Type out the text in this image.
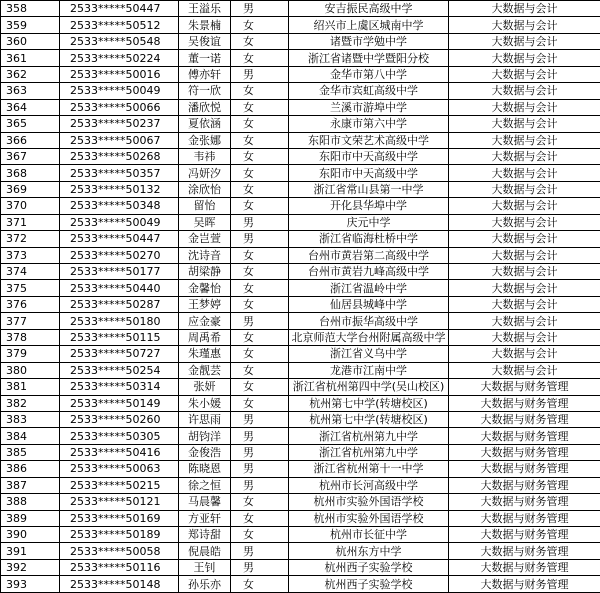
358	2533*****50447	王溢乐	男	安吉振民高级中学	大数据与会计
359	2533*****50512	朱景楠	女	绍兴市上虞区城南中学	大数据与会计
360	2533*****50548	吴俊谊	女	诸暨市学勉中学	大数据与会计
361	2533*****50224	董一诺	女	浙江省诸暨中学暨阳分校	大数据与会计
362	2533*****50016	傅亦轩	男	金华市第八中学	大数据与会计
363	2533*****50049	符一欣	女	金华市宾虹高级中学	大数据与会计
364	2533*****50066	潘欣悦	女	兰溪市游埠中学	大数据与会计
365	2533*****50237	夏依涵	女	永康市第六中学	大数据与会计
366	2533*****50067	金张娜	女	东阳市文荣艺术高级中学	大数据与会计
367	2533*****50268	韦祎	女	东阳市中天高级中学	大数据与会计
368	2533*****50357	冯妍汐	女	东阳市中天高级中学	大数据与会计
369	2533*****50132	涂欣怡	女	浙江省常山县第一中学	大数据与会计
370	2533*****50348	留怡	女	开化县华埠中学	大数据与会计
371	2533*****50049	吴晖	男	庆元中学	大数据与会计
372	2533*****50447	金岂萱	男	浙江省临海杜桥中学	大数据与会计
373	2533*****50270	沈诗音	女	台州市黄岩第二高级中学	大数据与会计
374	2533*****50177	胡梁静	女	台州市黄岩九峰高级中学	大数据与会计
375	2533*****50440	金馨怡	女	浙江省温岭中学	大数据与会计
376	2533*****50287	王梦婷	女	仙居县城峰中学	大数据与会计
377	2533*****50180	应金豪	男	台州市振华高级中学	大数据与会计
378	2533*****50115	周禹希	女	北京师范大学台州附属高级中学	大数据与会计
379	2533*****50727	朱瑾惠	女	浙江省义乌中学	大数据与会计
380	2533*****50254	金靓芸	女	龙港市江南中学	大数据与会计
381	2533*****50314	张妍	女	浙江省杭州第四中学(吴山校区)	大数据与财务管理
382	2533*****50149	朱小媛	女	杭州第七中学(转塘校区)	大数据与财务管理
383	2533*****50260	许思雨	男	杭州第七中学(转塘校区)	大数据与财务管理
384	2533*****50305	胡钧洋	男	浙江省杭州第九中学	大数据与财务管理
385	2533*****50416	金俊浩	男	浙江省杭州第九中学	大数据与财务管理
386	2533*****50063	陈晓恩	男	浙江省杭州第十一中学	大数据与财务管理
387	2533*****50215	徐之恒	男	杭州市长河高级中学	大数据与财务管理
388	2533*****50121	马晨馨	女	杭州市实验外国语学校	大数据与财务管理
389	2533*****50169	方亚轩	女	杭州市实验外国语学校	大数据与财务管理
390	2533*****50189	郑诗甜	女	杭州市长征中学	大数据与财务管理
391	2533*****50058	倪晨皓	男	杭州东方中学	大数据与财务管理
392	2533*****50116	王钊	男	杭州西子实验学校	大数据与财务管理
393	2533*****50148	孙乐亦	女	杭州西子实验学校	大数据与财务管理
